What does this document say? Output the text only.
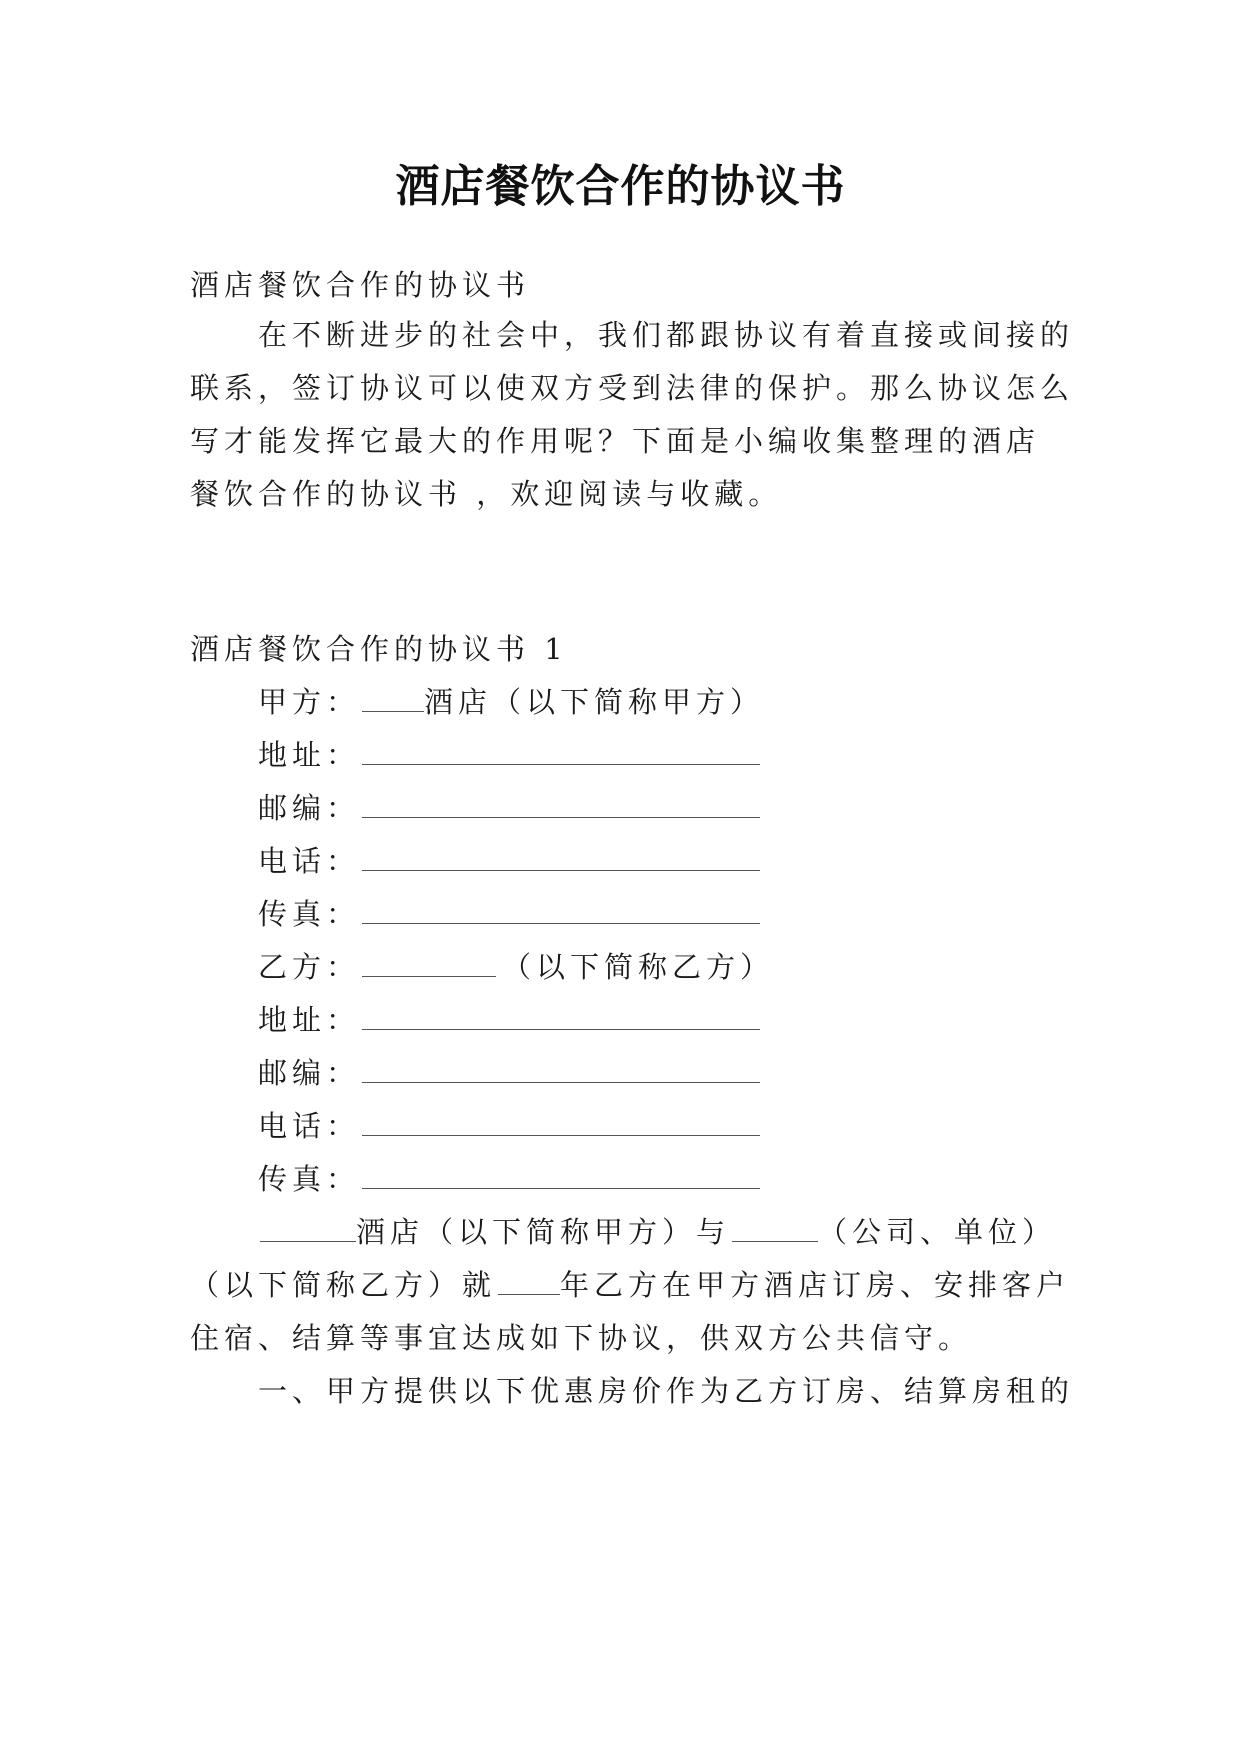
酒店餐饮合作的协议书
酒店餐饮合作的协议书
在不断进步的社会中，我们都跟协议有着直接或间接的
联系，签订协议可以使双方受到法律的保护。那么协议怎么
写才能发挥它最大的作用呢？下面是小编收集整理的酒店
餐饮合作的协议书 ，欢迎阅读与收藏。
酒店餐饮合作的协议书 1
甲方： 酒店（以下简称甲方）
地址：
邮编：
电话：
传真：
乙方：	（以下简称乙方）
地址：
邮编：
电话：
传真：
酒店（以下简称甲方）与	（公司、单位）
（以下简称乙方）就 年乙方在甲方酒店订房、安排客户
住宿、结算等事宜达成如下协议，供双方公共信守。
一、甲方提供以下优惠房价作为乙方订房、结算房租的
